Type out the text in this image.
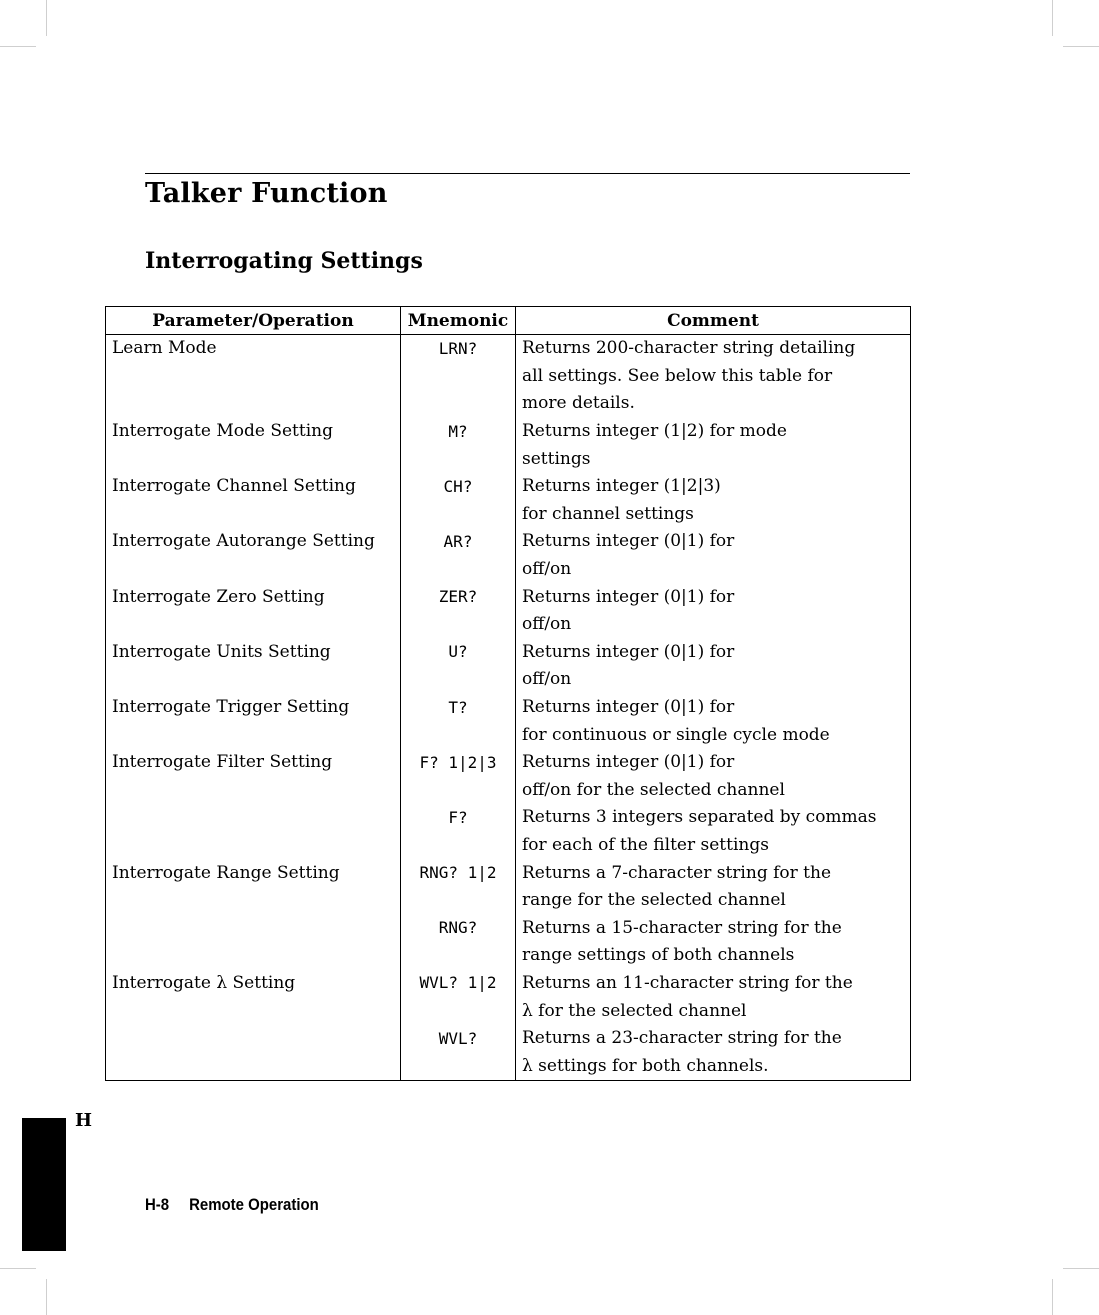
Talker Function
Interrogating Settings
Parameter/Operation	Mnemonic	Comment
Learn Mode	LRN?	Returns 200-character string detailing
		all settings. See below this table for
		more details.
Interrogate Mode Setting	M?	Returns integer (1|2) for mode
		settings
Interrogate Channel Setting	CH?	Returns integer (1|2|3)
		for channel settings
Interrogate Autorange Setting	AR?	Returns integer (0|1) for
		off/on
Interrogate Zero Setting	ZER?	Returns integer (0|1) for
		off/on
Interrogate Units Setting	U?	Returns integer (0|1) for
		off/on
Interrogate Trigger Setting	T?	Returns integer (0|1) for
		for continuous or single cycle mode
Interrogate Filter Setting	F? 1|2|3	Returns integer (0|1) for
		off/on for the selected channel
	F?	Returns 3 integers separated by commas
		for each of the filter settings
Interrogate Range Setting	RNG? 1|2	Returns a 7-character string for the
		range for the selected channel
	RNG?	Returns a 15-character string for the
		range settings of both channels
Interrogate λ Setting	WVL? 1|2	Returns an 11-character string for the
		λ for the selected channel
	WVL?	Returns a 23-character string for the
		λ settings for both channels.
H
H-8 Remote Operation
